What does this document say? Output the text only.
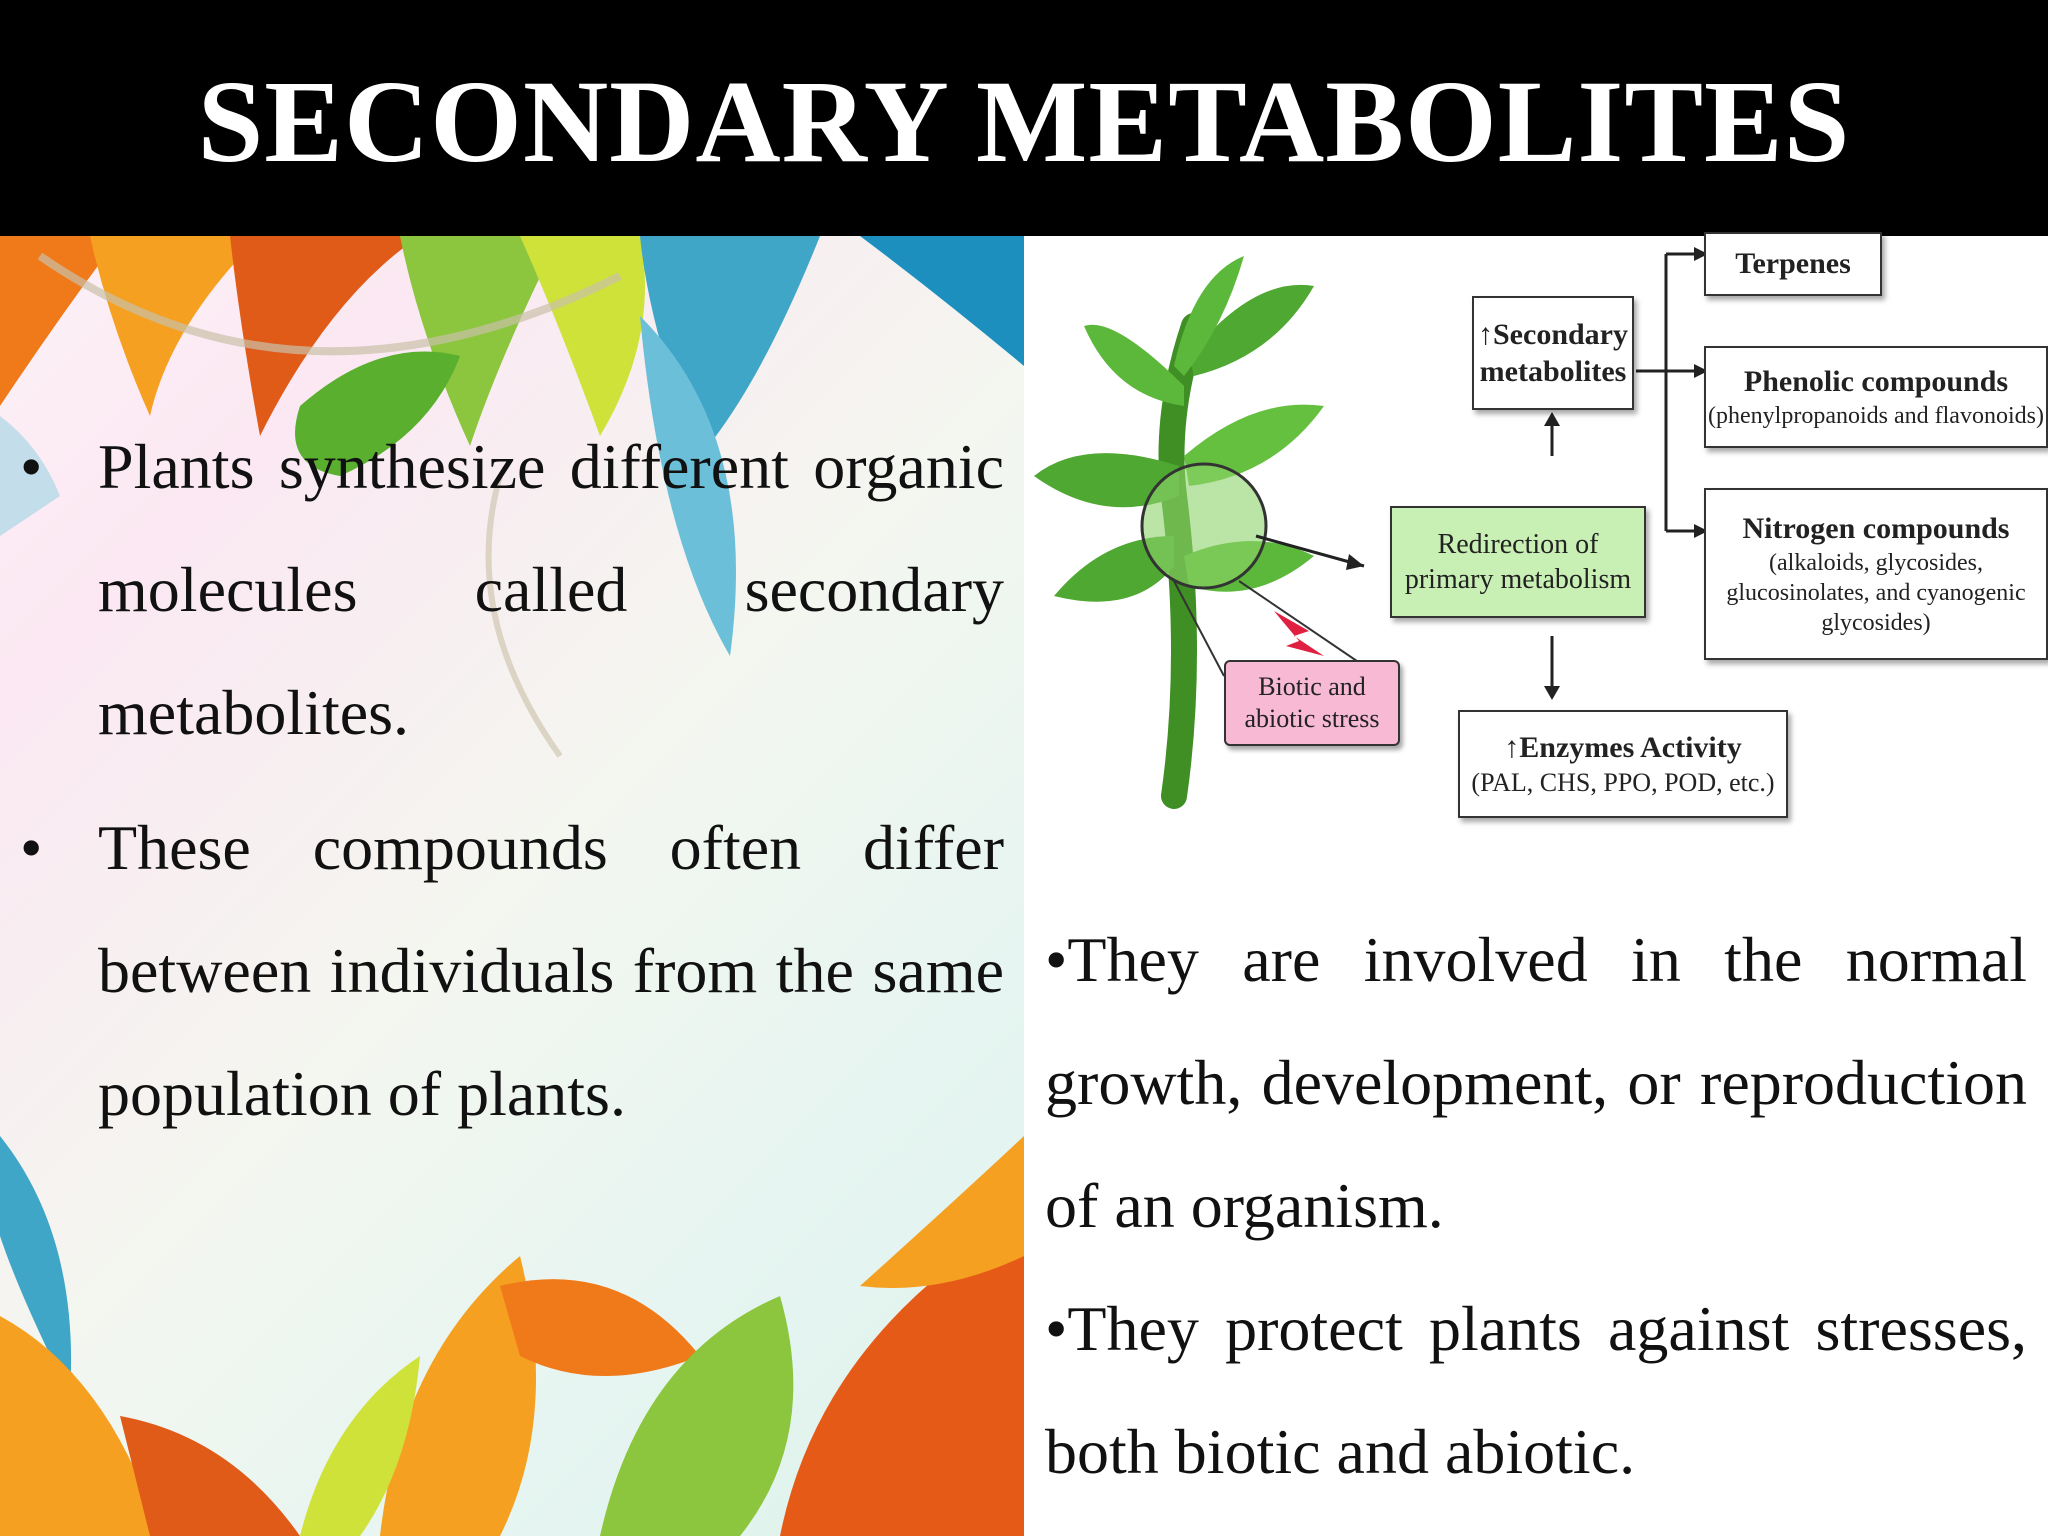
SECONDARY METABOLITES
• Plants synthesize different organic molecules called secondary metabolites.
• These compounds often differ between individuals from the same population of plants.
↑Secondary
metabolites
Redirection of
primary metabolism
Biotic and
abiotic stress
↑Enzymes Activity
(PAL, CHS, PPO, POD, etc.)
Terpenes
Phenolic compounds
(phenylpropanoids and flavonoids)
Nitrogen compounds
(alkaloids, glycosides,
glucosinolates, and cyanogenic
glycosides)
•They are involved in the normal growth, development, or reproduction of an organism.
•They protect plants against stresses, both biotic and abiotic.
